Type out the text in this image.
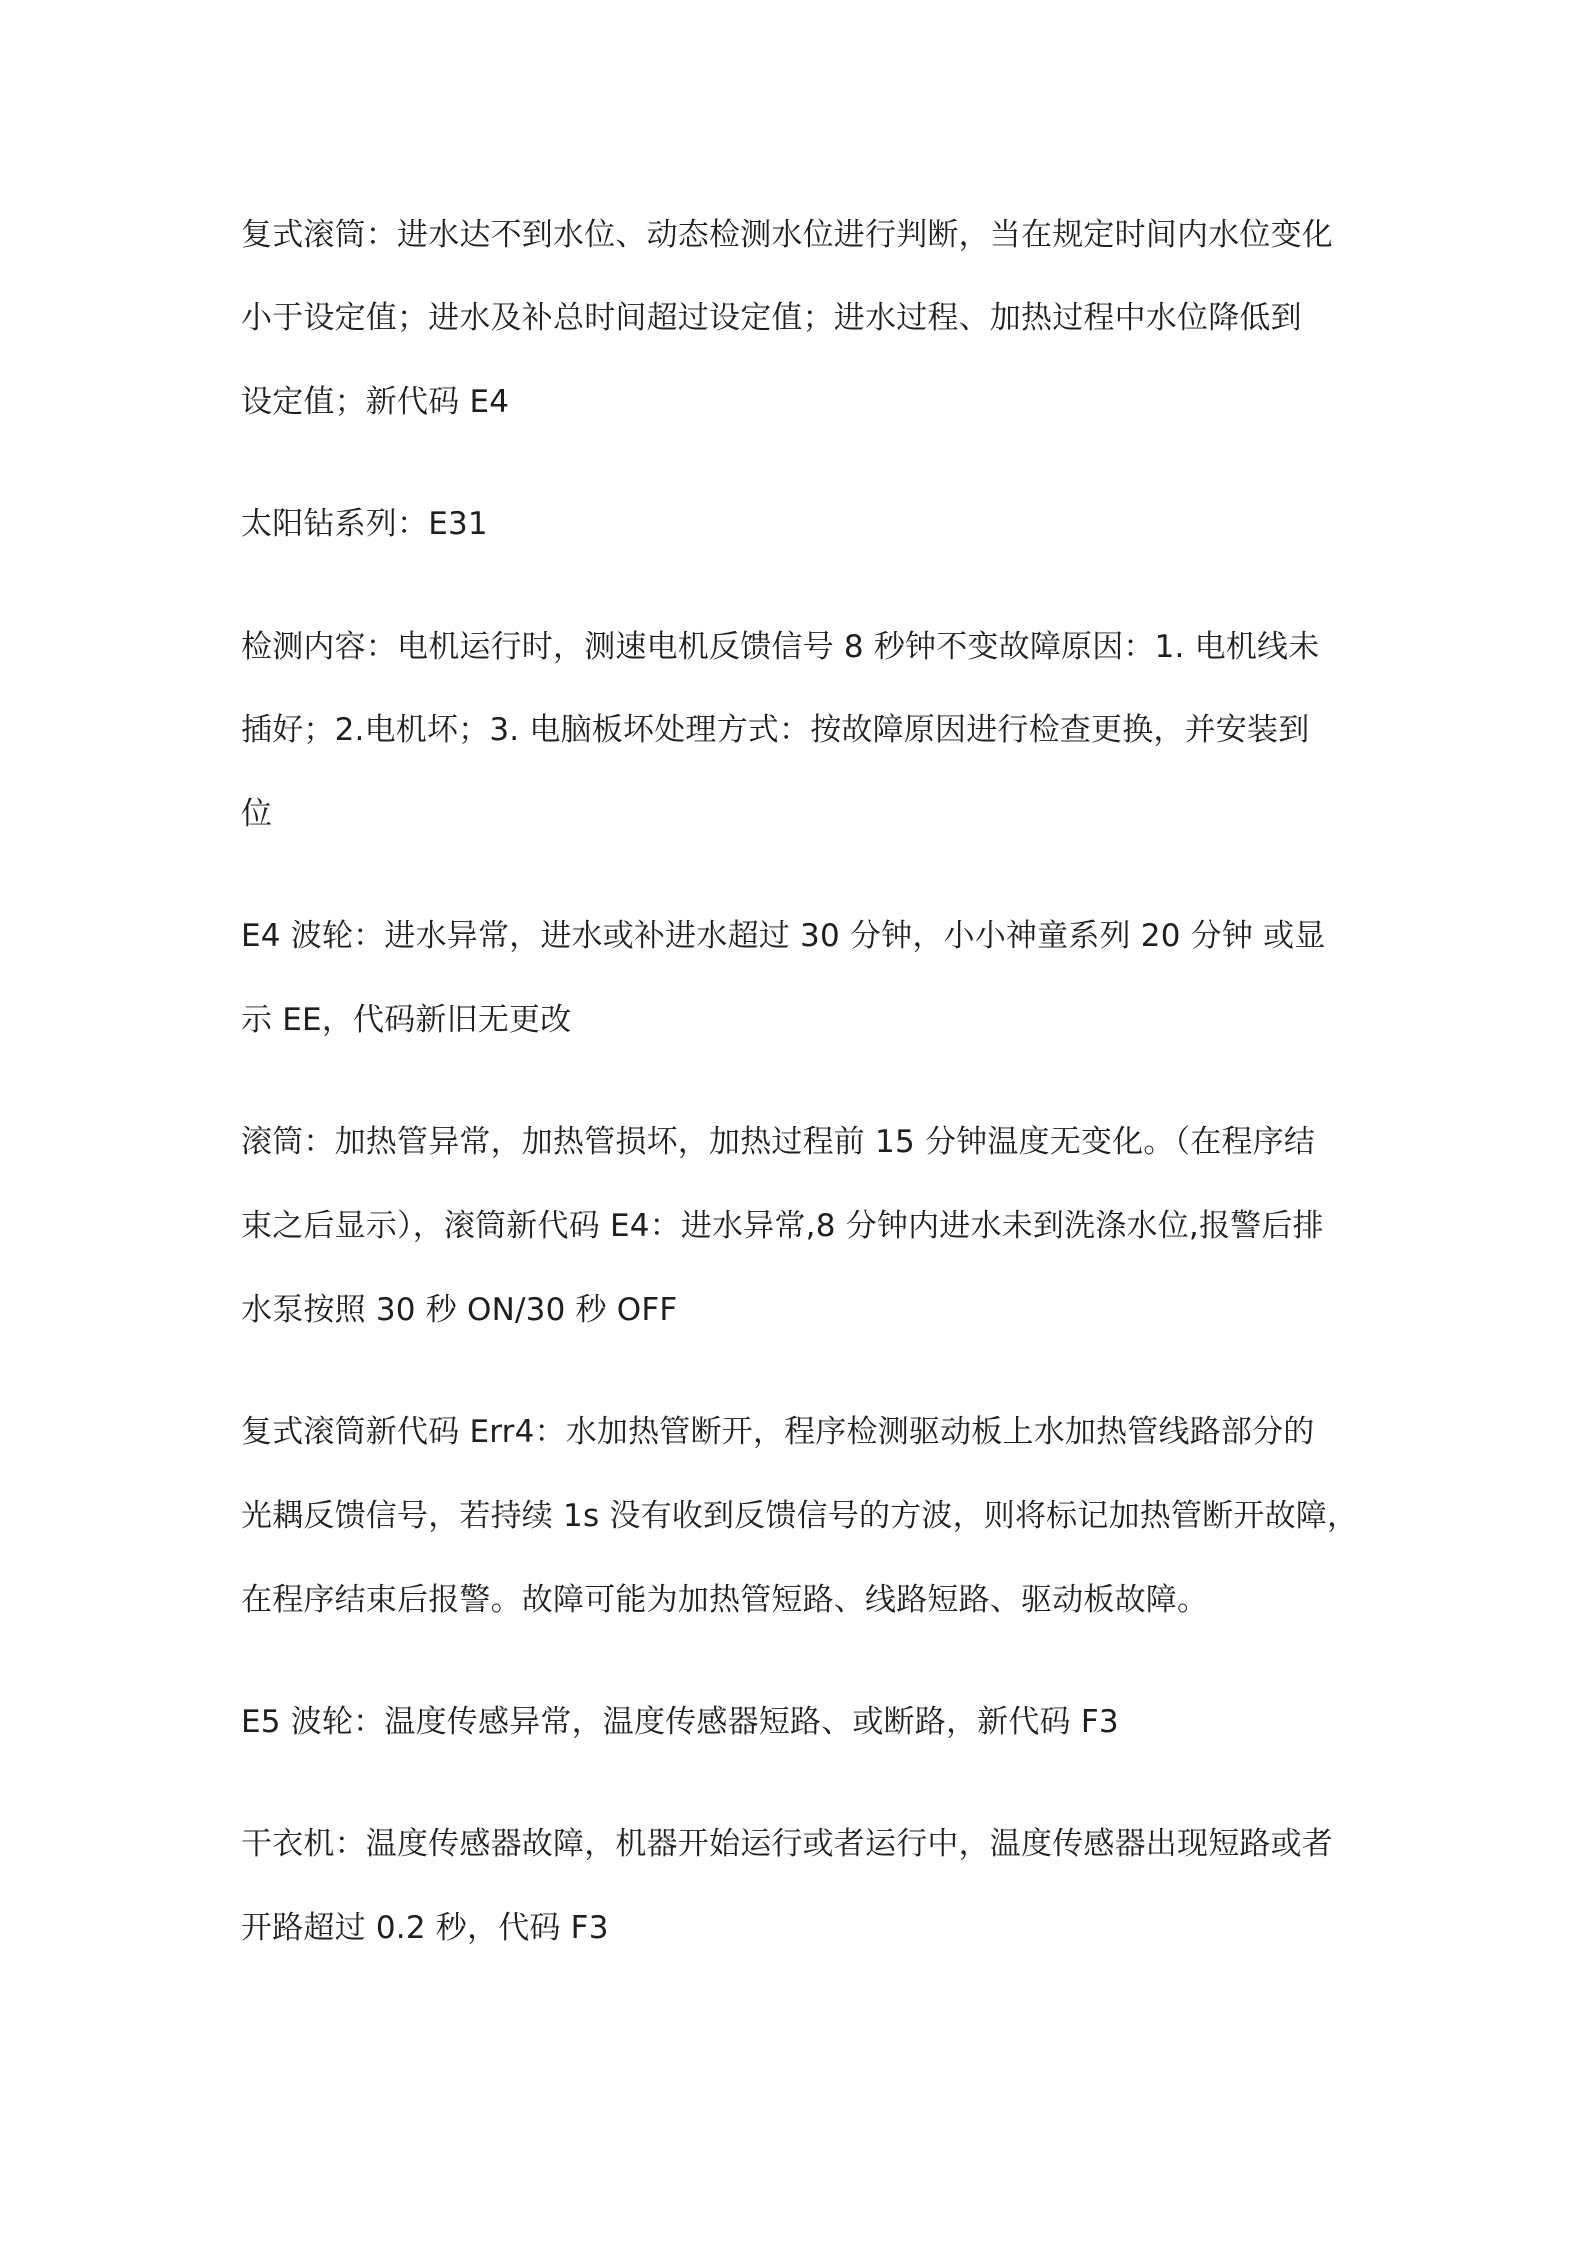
复式滚筒：进水达不到水位、动态检测水位进行判断，当在规定时间内水位变化
小于设定值；进水及补总时间超过设定值；进水过程、加热过程中水位降低到
设定值；新代码 E4
太阳钻系列：E31
检测内容：电机运行时，测速电机反馈信号 8 秒钟不变故障原因：1. 电机线未
插好；2.电机坏；3. 电脑板坏处理方式：按故障原因进行检查更换，并安装到
位
E4 波轮：进水异常，进水或补进水超过 30 分钟，小小神童系列 20 分钟 或显
示 EE，代码新旧无更改
滚筒：加热管异常，加热管损坏，加热过程前 15 分钟温度无变化。（在程序结
束之后显示），滚筒新代码 E4：进水异常,8 分钟内进水未到洗涤水位,报警后排
水泵按照 30 秒 ON/30 秒 OFF
复式滚筒新代码 Err4：水加热管断开，程序检测驱动板上水加热管线路部分的
光耦反馈信号，若持续 1s 没有收到反馈信号的方波，则将标记加热管断开故障，
在程序结束后报警。故障可能为加热管短路、线路短路、驱动板故障。
E5 波轮：温度传感异常，温度传感器短路、或断路，新代码 F3
干衣机：温度传感器故障，机器开始运行或者运行中，温度传感器出现短路或者
开路超过 0.2 秒，代码 F3
